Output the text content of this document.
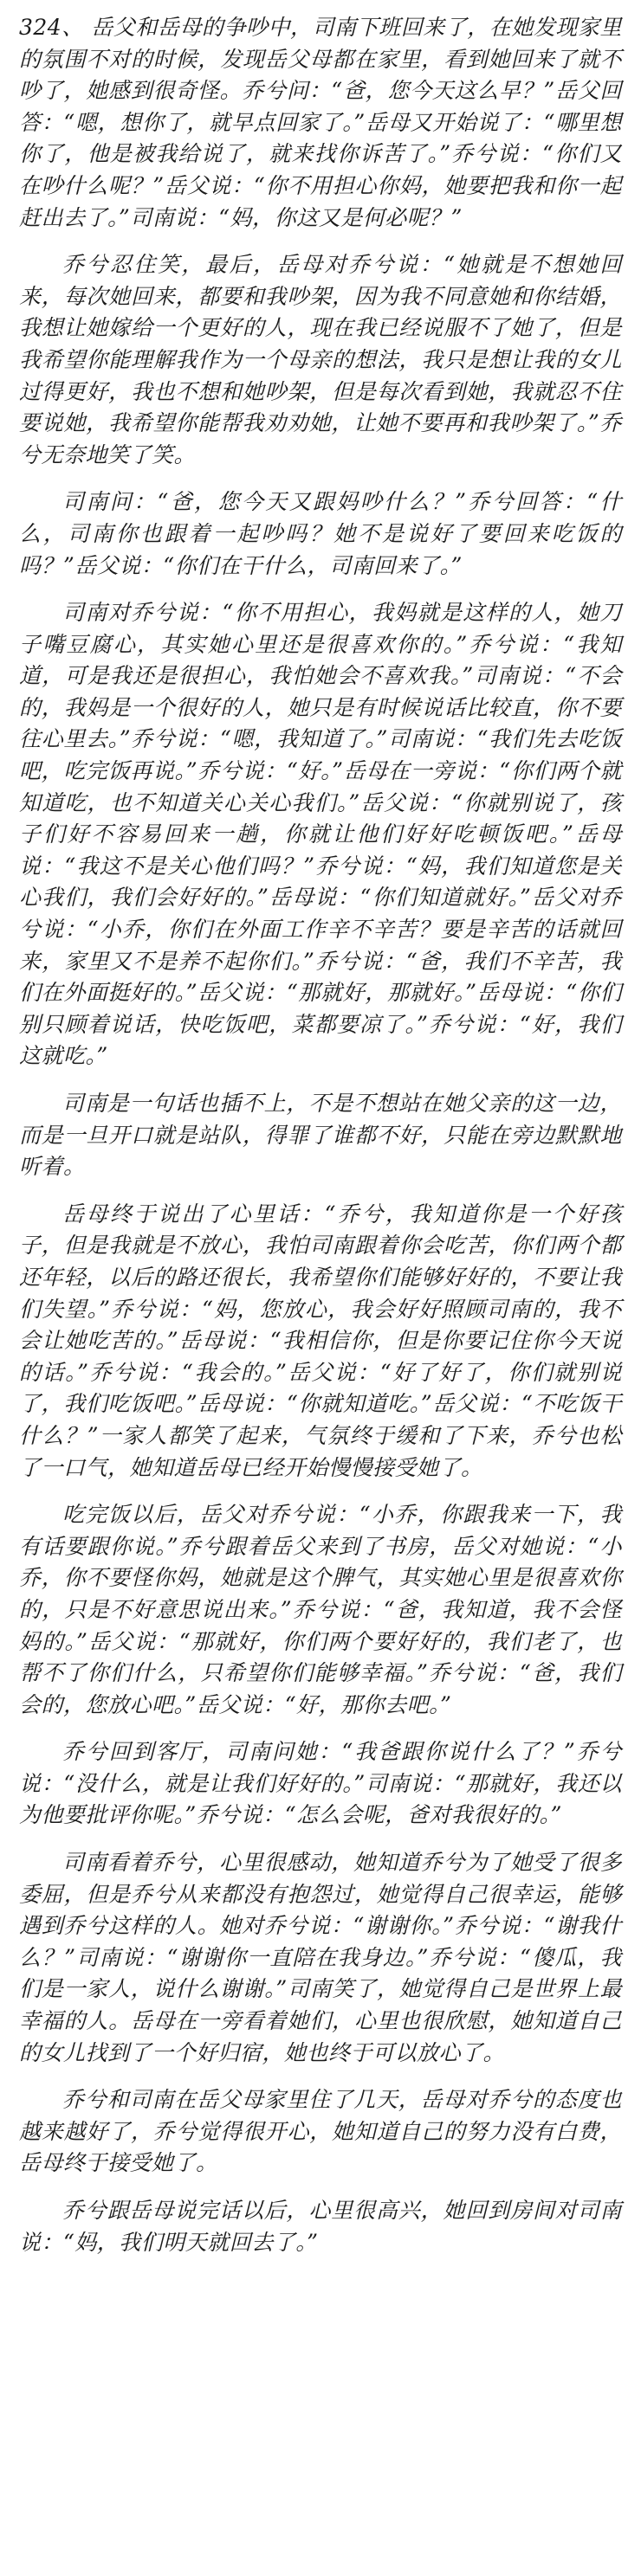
324、 岳父和岳母的争吵中，司南下班回来了，在她发现家里的氛围不对的时候，发现岳父母都在家里，看到她回来了就不吵了，她感到很奇怪。乔兮问：“爸，您今天这么早？”岳父回答：“嗯，想你了，就早点回家了。”岳母又开始说了：“哪里想你了，他是被我给说了，就来找你诉苦了。”乔兮说：“你们又在吵什么呢？”岳父说：“你不用担心你妈，她要把我和你一起赶出去了。”司南说：“妈，你这又是何必呢？”

乔兮忍住笑，最后，岳母对乔兮说：“她就是不想她回来，每次她回来，都要和我吵架，因为我不同意她和你结婚，我想让她嫁给一个更好的人，现在我已经说服不了她了，但是我希望你能理解我作为一个母亲的想法，我只是想让我的女儿过得更好，我也不想和她吵架，但是每次看到她，我就忍不住要说她，我希望你能帮我劝劝她，让她不要再和我吵架了。”乔兮无奈地笑了笑。

司南问：“爸，您今天又跟妈吵什么？”乔兮回答：“什么，司南你也跟着一起吵吗？她不是说好了要回来吃饭的吗？”岳父说：“你们在干什么，司南回来了。”

司南对乔兮说：“你不用担心，我妈就是这样的人，她刀子嘴豆腐心，其实她心里还是很喜欢你的。”乔兮说：“我知道，可是我还是很担心，我怕她会不喜欢我。”司南说：“不会的，我妈是一个很好的人，她只是有时候说话比较直，你不要往心里去。”乔兮说：“嗯，我知道了。”司南说：“我们先去吃饭吧，吃完饭再说。”乔兮说：“好。”岳母在一旁说：“你们两个就知道吃，也不知道关心关心我们。”岳父说：“你就别说了，孩子们好不容易回来一趟，你就让他们好好吃顿饭吧。”岳母说：“我这不是关心他们吗？”乔兮说：“妈，我们知道您是关心我们，我们会好好的。”岳母说：“你们知道就好。”岳父对乔兮说：“小乔，你们在外面工作辛不辛苦？要是辛苦的话就回来，家里又不是养不起你们。”乔兮说：“爸，我们不辛苦，我们在外面挺好的。”岳父说：“那就好，那就好。”岳母说：“你们别只顾着说话，快吃饭吧，菜都要凉了。”乔兮说：“好，我们这就吃。”

司南是一句话也插不上，不是不想站在她父亲的这一边，而是一旦开口就是站队，得罪了谁都不好，只能在旁边默默地听着。

岳母终于说出了心里话：“乔兮，我知道你是一个好孩子，但是我就是不放心，我怕司南跟着你会吃苦，你们两个都还年轻，以后的路还很长，我希望你们能够好好的，不要让我们失望。”乔兮说：“妈，您放心，我会好好照顾司南的，我不会让她吃苦的。”岳母说：“我相信你，但是你要记住你今天说的话。”乔兮说：“我会的。”岳父说：“好了好了，你们就别说了，我们吃饭吧。”岳母说：“你就知道吃。”岳父说：“不吃饭干什么？”一家人都笑了起来，气氛终于缓和了下来，乔兮也松了一口气，她知道岳母已经开始慢慢接受她了。

吃完饭以后，岳父对乔兮说：“小乔，你跟我来一下，我有话要跟你说。”乔兮跟着岳父来到了书房，岳父对她说：“小乔，你不要怪你妈，她就是这个脾气，其实她心里是很喜欢你的，只是不好意思说出来。”乔兮说：“爸，我知道，我不会怪妈的。”岳父说：“那就好，你们两个要好好的，我们老了，也帮不了你们什么，只希望你们能够幸福。”乔兮说：“爸，我们会的，您放心吧。”岳父说：“好，那你去吧。”

乔兮回到客厅，司南问她：“我爸跟你说什么了？”乔兮说：“没什么，就是让我们好好的。”司南说：“那就好，我还以为他要批评你呢。”乔兮说：“怎么会呢，爸对我很好的。”

司南看着乔兮，心里很感动，她知道乔兮为了她受了很多委屈，但是乔兮从来都没有抱怨过，她觉得自己很幸运，能够遇到乔兮这样的人。她对乔兮说：“谢谢你。”乔兮说：“谢我什么？”司南说：“谢谢你一直陪在我身边。”乔兮说：“傻瓜，我们是一家人，说什么谢谢。”司南笑了，她觉得自己是世界上最幸福的人。岳母在一旁看着她们，心里也很欣慰，她知道自己的女儿找到了一个好归宿，她也终于可以放心了。

乔兮和司南在岳父母家里住了几天，岳母对乔兮的态度也越来越好了，乔兮觉得很开心，她知道自己的努力没有白费，岳母终于接受她了。

乔兮跟岳母说完话以后，心里很高兴，她回到房间对司南说：“妈，我们明天就回去了。”
